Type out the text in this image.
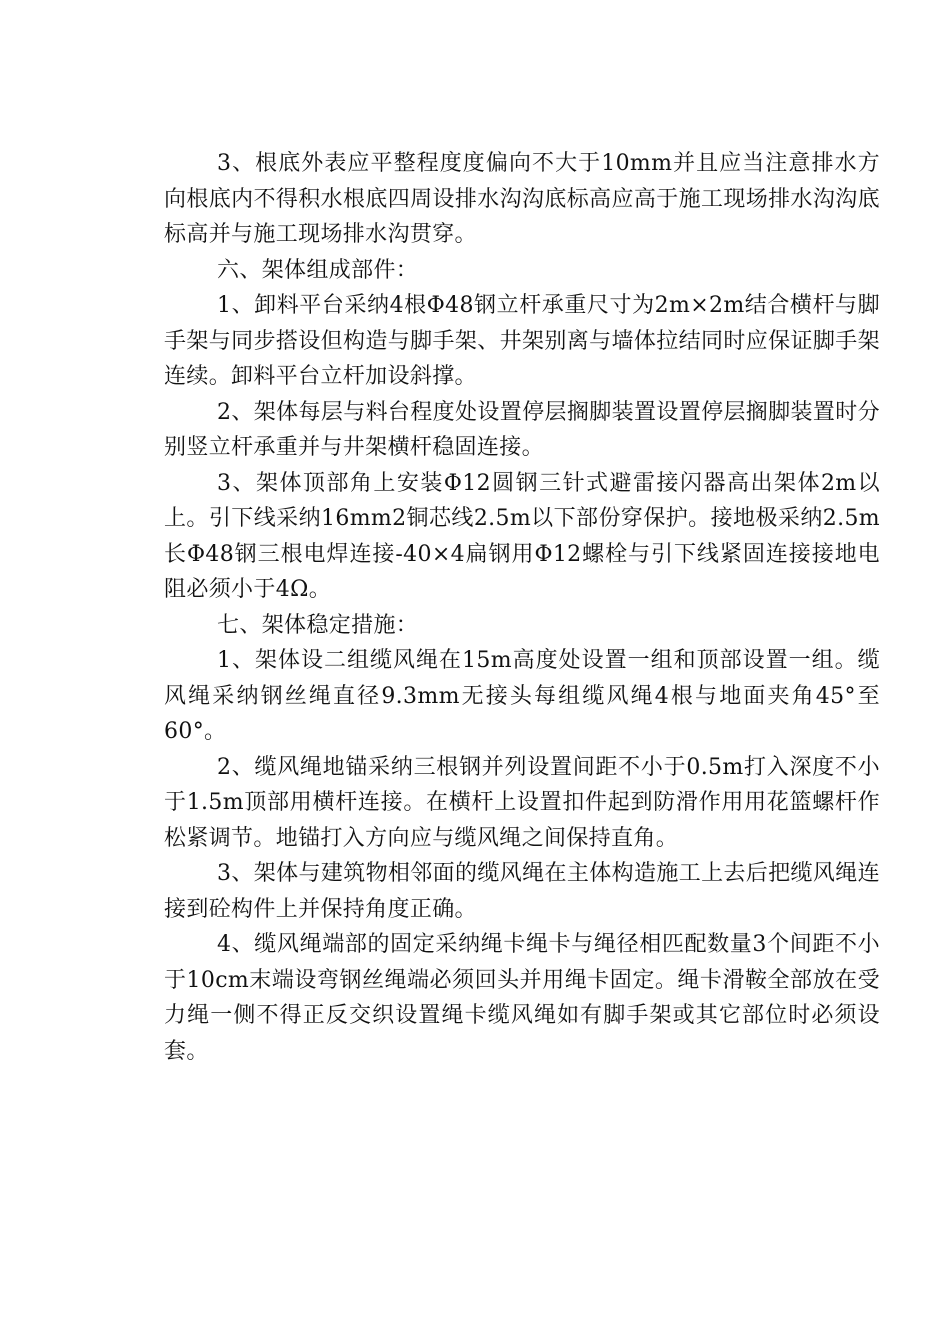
3、根底外表应平整程度度偏向不大于10mm并且应当注意排水方向根底内不得积水根底四周设排水沟沟底标高应高于施工现场排水沟沟底标高并与施工现场排水沟贯穿。

六、架体组成部件：

1、卸料平台采纳4根Φ48钢立杆承重尺寸为2m×2m结合横杆与脚手架与同步搭设但构造与脚手架、井架别离与墙体拉结同时应保证脚手架连续。卸料平台立杆加设斜撑。

2、架体每层与料台程度处设置停层搁脚装置设置停层搁脚装置时分别竖立杆承重并与井架横杆稳固连接。

3、架体顶部角上安装Φ12圆钢三针式避雷接闪器高出架体2m以上。引下线采纳16mm2铜芯线2.5m以下部份穿保护。接地极采纳2.5m长Φ48钢三根电焊连接-40×4扁钢用Φ12螺栓与引下线紧固连接接地电阻必须小于4Ω。

七、架体稳定措施：

1、架体设二组缆风绳在15m高度处设置一组和顶部设置一组。缆风绳采纳钢丝绳直径9.3mm无接头每组缆风绳4根与地面夹角45°至60°。

2、缆风绳地锚采纳三根钢并列设置间距不小于0.5m打入深度不小于1.5m顶部用横杆连接。在横杆上设置扣件起到防滑作用用花篮螺杆作松紧调节。地锚打入方向应与缆风绳之间保持直角。

3、架体与建筑物相邻面的缆风绳在主体构造施工上去后把缆风绳连接到砼构件上并保持角度正确。

4、缆风绳端部的固定采纳绳卡绳卡与绳径相匹配数量3个间距不小于10cm末端设弯钢丝绳端必须回头并用绳卡固定。绳卡滑鞍全部放在受力绳一侧不得正反交织设置绳卡缆风绳如有脚手架或其它部位时必须设套。
